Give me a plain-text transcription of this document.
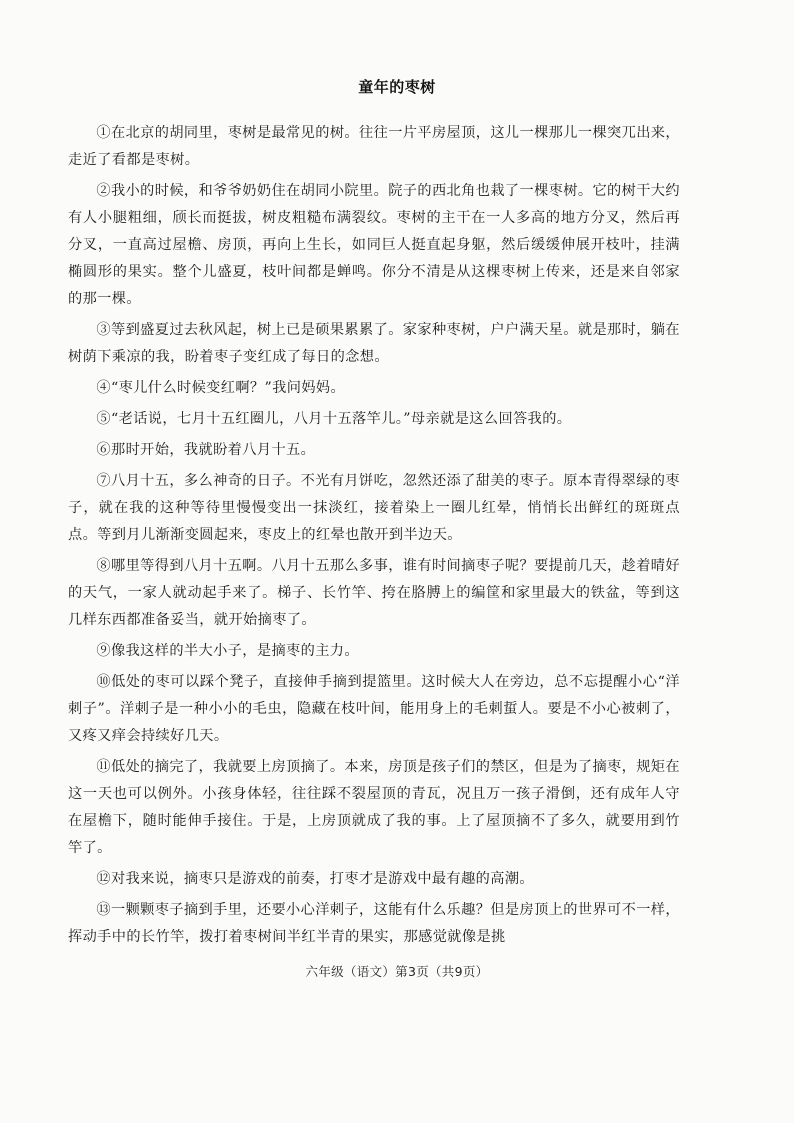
童年的枣树

①在北京的胡同里，枣树是最常见的树。往往一片平房屋顶，这儿一棵那儿一棵突兀出来，走近了看都是枣树。

②我小的时候，和爷爷奶奶住在胡同小院里。院子的西北角也栽了一棵枣树。它的树干大约有人小腿粗细，颀长而挺拔，树皮粗糙布满裂纹。枣树的主干在一人多高的地方分叉，然后再分叉，一直高过屋檐、房顶，再向上生长，如同巨人挺直起身躯，然后缓缓伸展开枝叶，挂满椭圆形的果实。整个儿盛夏，枝叶间都是蝉鸣。你分不清是从这棵枣树上传来，还是来自邻家的那一棵。

③等到盛夏过去秋风起，树上已是硕果累累了。家家种枣树，户户满天星。就是那时，躺在树荫下乘凉的我，盼着枣子变红成了每日的念想。

④“枣儿什么时候变红啊？”我问妈妈。

⑤“老话说，七月十五红圈儿，八月十五落竿儿。”母亲就是这么回答我的。

⑥那时开始，我就盼着八月十五。

⑦八月十五，多么神奇的日子。不光有月饼吃，忽然还添了甜美的枣子。原本青得翠绿的枣子，就在我的这种等待里慢慢变出一抹淡红，接着染上一圈儿红晕，悄悄长出鲜红的斑斑点点。等到月儿渐渐变圆起来，枣皮上的红晕也散开到半边天。

⑧哪里等得到八月十五啊。八月十五那么多事，谁有时间摘枣子呢？要提前几天，趁着晴好的天气，一家人就动起手来了。梯子、长竹竿、挎在胳膊上的编筐和家里最大的铁盆，等到这几样东西都准备妥当，就开始摘枣了。

⑨像我这样的半大小子，是摘枣的主力。

⑩低处的枣可以踩个凳子，直接伸手摘到提篮里。这时候大人在旁边，总不忘提醒小心“洋刺子”。洋刺子是一种小小的毛虫，隐藏在枝叶间，能用身上的毛刺蜇人。要是不小心被刺了，又疼又痒会持续好几天。

⑪低处的摘完了，我就要上房顶摘了。本来，房顶是孩子们的禁区，但是为了摘枣，规矩在这一天也可以例外。小孩身体轻，往往踩不裂屋顶的青瓦，况且万一孩子滑倒，还有成年人守在屋檐下，随时能伸手接住。于是，上房顶就成了我的事。上了屋顶摘不了多久，就要用到竹竿了。

⑫对我来说，摘枣只是游戏的前奏，打枣才是游戏中最有趣的高潮。

⑬一颗颗枣子摘到手里，还要小心洋刺子，这能有什么乐趣？但是房顶上的世界可不一样，挥动手中的长竹竿，拨打着枣树间半红半青的果实，那感觉就像是挑

六年级（语文）第3页（共9页）
